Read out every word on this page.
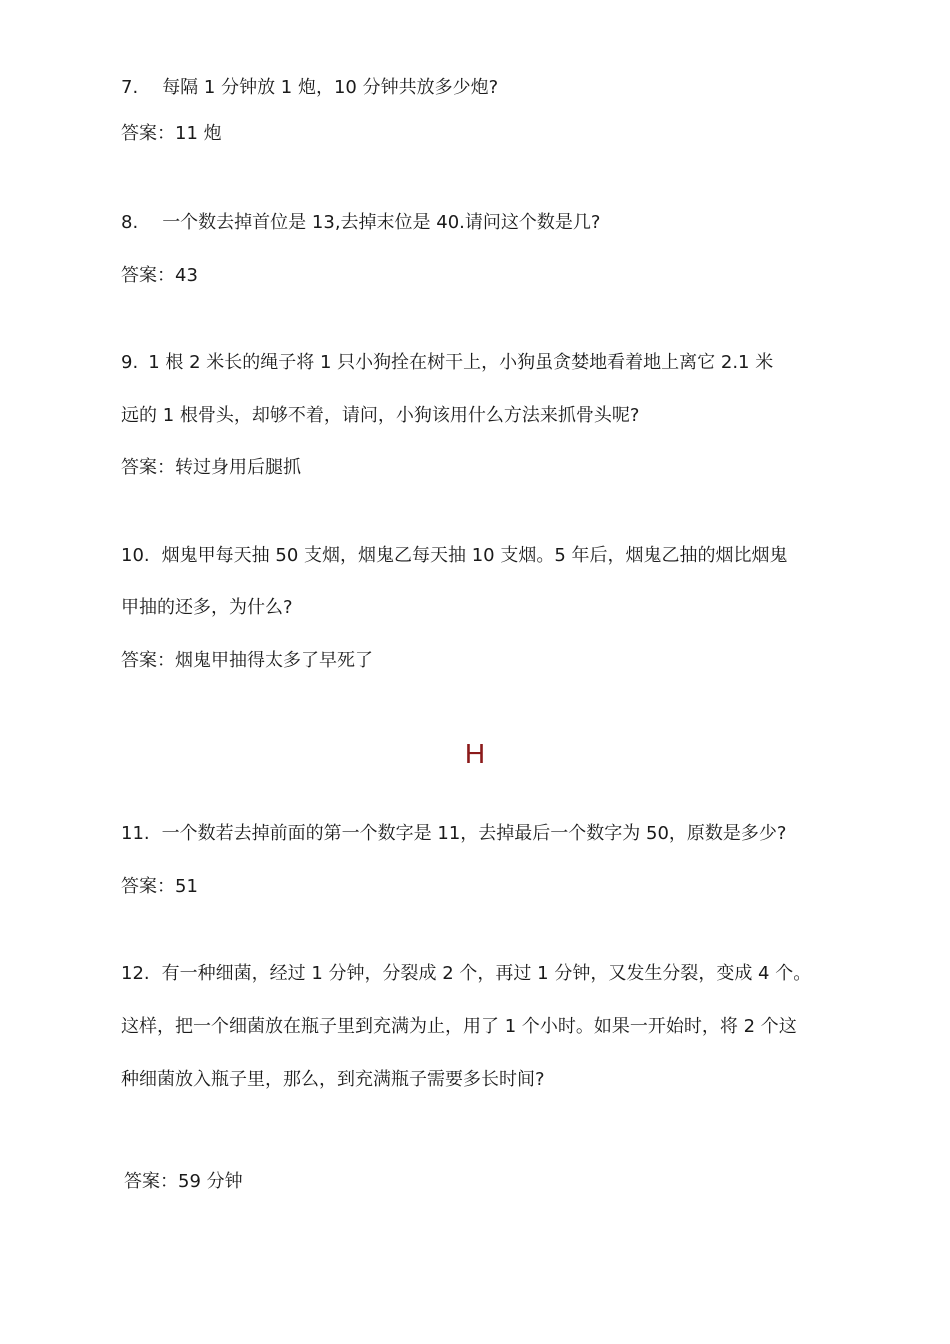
7. 每隔 1 分钟放 1 炮，10 分钟共放多少炮?
答案：11 炮
8. 一个数去掉首位是 13,去掉末位是 40.请问这个数是几?
答案：43
9. 1 根 2 米长的绳子将 1 只小狗拴在树干上，小狗虽贪婪地看着地上离它 2.1 米
远的 1 根骨头，却够不着，请问，小狗该用什么方法来抓骨头呢?
答案：转过身用后腿抓
10. 烟鬼甲每天抽 50 支烟，烟鬼乙每天抽 10 支烟。5 年后，烟鬼乙抽的烟比烟鬼
甲抽的还多，为什么?
答案：烟鬼甲抽得太多了早死了
H
11. 一个数若去掉前面的第一个数字是 11，去掉最后一个数字为 50，原数是多少?
答案：51
12. 有一种细菌，经过 1 分钟，分裂成 2 个，再过 1 分钟，又发生分裂，变成 4 个。
这样，把一个细菌放在瓶子里到充满为止，用了 1 个小时。如果一开始时，将 2 个这
种细菌放入瓶子里，那么，到充满瓶子需要多长时间?
答案：59 分钟
